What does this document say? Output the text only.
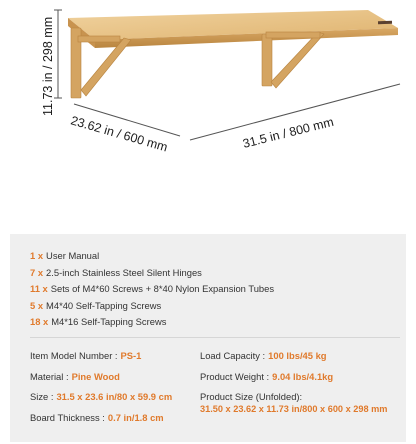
11.73 in / 298 mm
23.62 in / 600 mm	31.5 in / 800 mm
1 x User Manual
7 x 2.5-inch Stainless Steel Silent Hinges
11 x Sets of M4*60 Screws + 8*40 Nylon Expansion Tubes
5 x M4*40 Self-Tapping Screws
18 x M4*16 Self-Tapping Screws
Item Model Number : PS-1
Material : Pine Wood
Size : 31.5 x 23.6 in/80 x 59.9 cm
Board Thickness : 0.7 in/1.8 cm
Load Capacity : 100 lbs/45 kg
Product Weight : 9.04 lbs/4.1kg
Product Size (Unfolded):
31.50 x 23.62 x 11.73 in/800 x 600 x 298 mm
